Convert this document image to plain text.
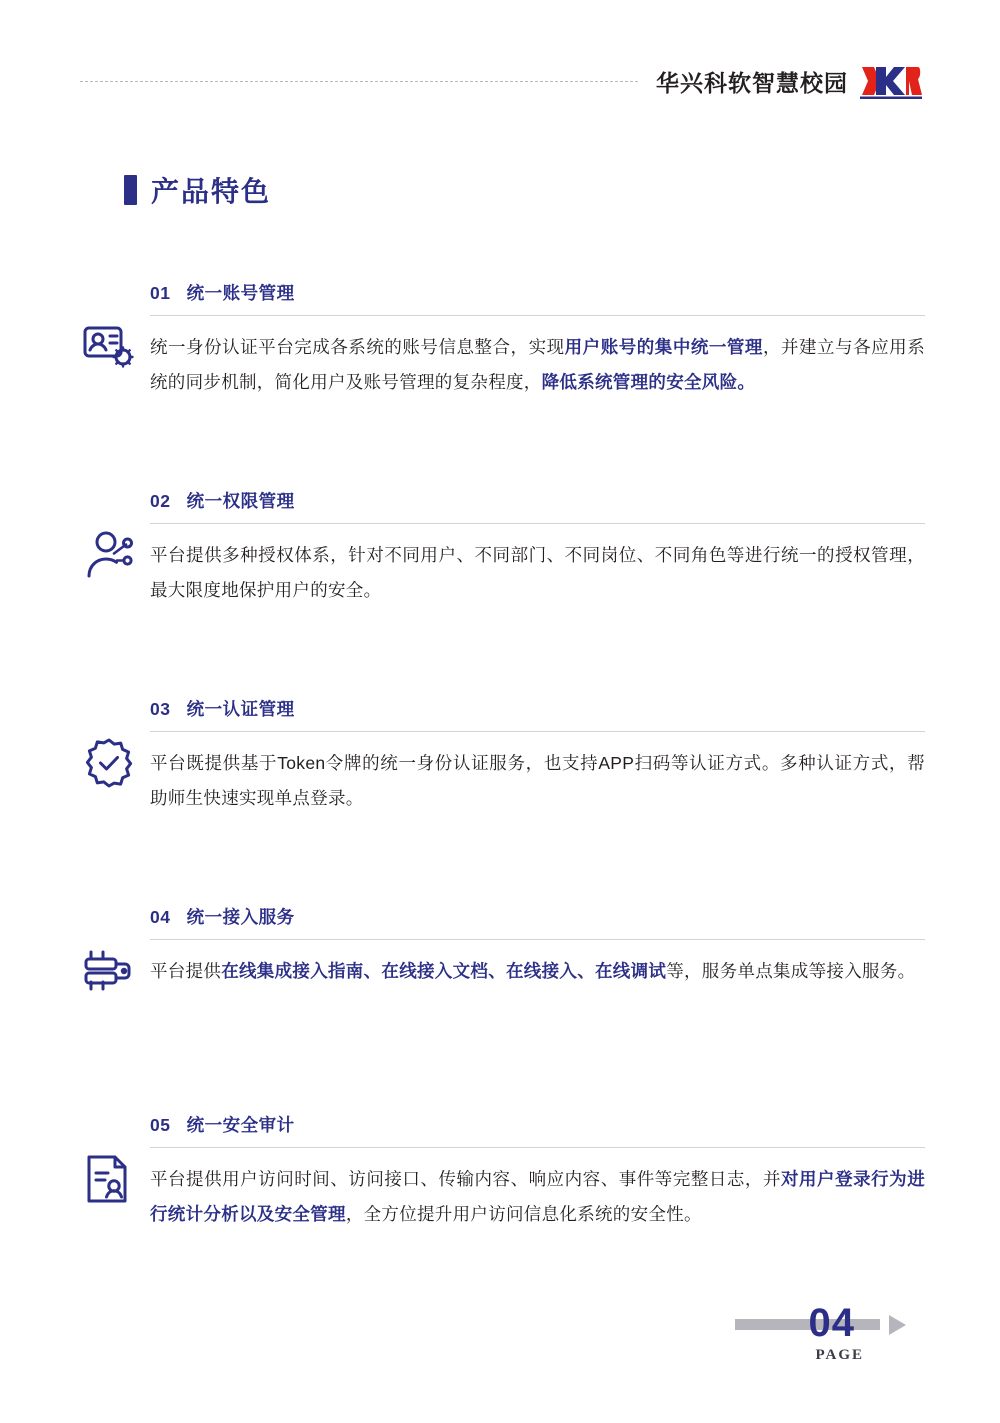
华兴科软智慧校园
产品特色
01 统一账号管理
统一身份认证平台完成各系统的账号信息整合，实现用户账号的集中统一管理，并建立与各应用系统的同步机制，简化用户及账号管理的复杂程度，降低系统管理的安全风险。
02 统一权限管理
平台提供多种授权体系，针对不同用户、不同部门、不同岗位、不同角色等进行统一的授权管理，最大限度地保护用户的安全。
03 统一认证管理
平台既提供基于Token令牌的统一身份认证服务，也支持APP扫码等认证方式。多种认证方式，帮助师生快速实现单点登录。
04 统一接入服务
平台提供在线集成接入指南、在线接入文档、在线接入、在线调试等，服务单点集成等接入服务。
05 统一安全审计
平台提供用户访问时间、访问接口、传输内容、响应内容、事件等完整日志，并对用户登录行为进行统计分析以及安全管理，全方位提升用户访问信息化系统的安全性。
04
PAGE
